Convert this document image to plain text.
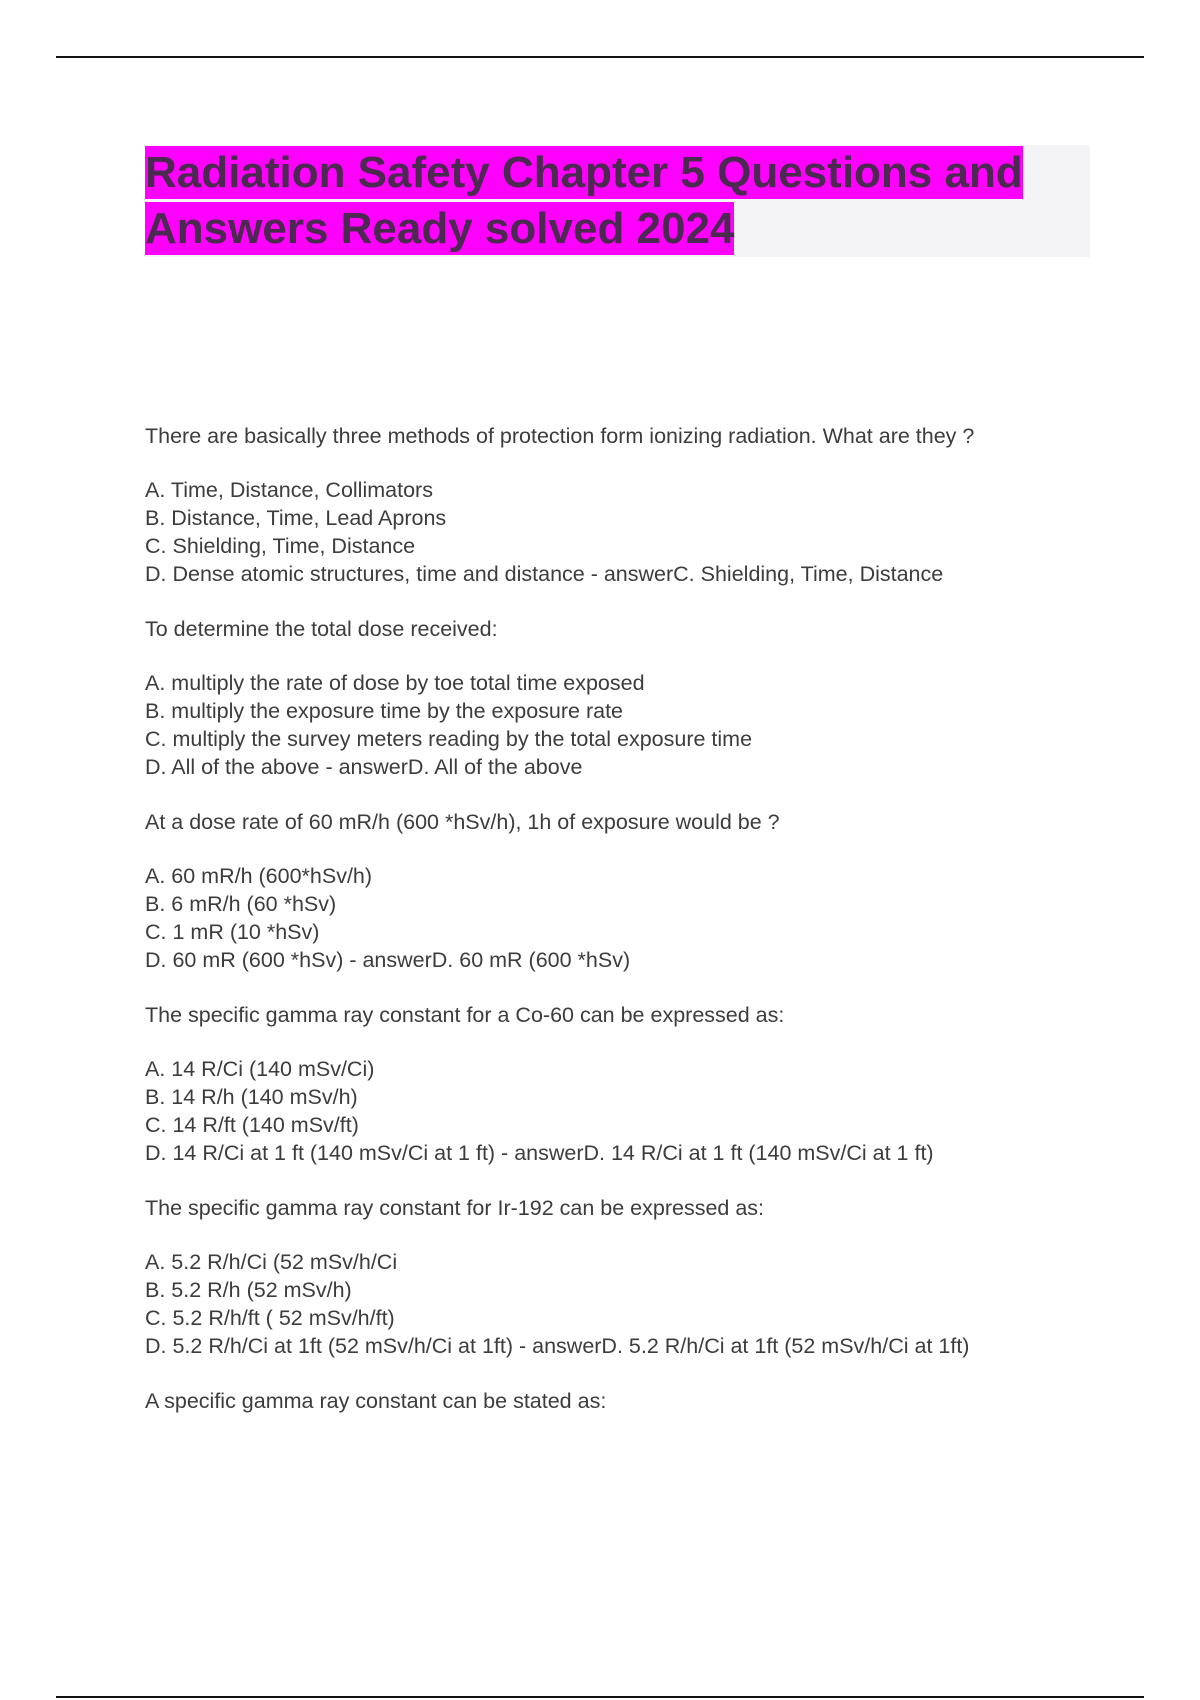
Radiation Safety Chapter 5 Questions and Answers Ready solved 2024

There are basically three methods of protection form ionizing radiation. What are they ?

A. Time, Distance, Collimators
B. Distance, Time, Lead Aprons
C. Shielding, Time, Distance
D. Dense atomic structures, time and distance - answerC. Shielding, Time, Distance

To determine the total dose received:

A. multiply the rate of dose by toe total time exposed
B. multiply the exposure time by the exposure rate
C. multiply the survey meters reading by the total exposure time
D. All of the above - answerD. All of the above

At a dose rate of 60 mR/h (600 *hSv/h), 1h of exposure would be ?

A. 60 mR/h (600*hSv/h)
B. 6 mR/h (60 *hSv)
C. 1 mR (10 *hSv)
D. 60 mR (600 *hSv) - answerD. 60 mR (600 *hSv)

The specific gamma ray constant for a Co-60 can be expressed as:

A. 14 R/Ci (140 mSv/Ci)
B. 14 R/h (140 mSv/h)
C. 14 R/ft (140 mSv/ft)
D. 14 R/Ci at 1 ft (140 mSv/Ci at 1 ft) - answerD. 14 R/Ci at 1 ft (140 mSv/Ci at 1 ft)

The specific gamma ray constant for Ir-192 can be expressed as:

A. 5.2 R/h/Ci (52 mSv/h/Ci
B. 5.2 R/h (52 mSv/h)
C. 5.2 R/h/ft ( 52 mSv/h/ft)
D. 5.2 R/h/Ci at 1ft (52 mSv/h/Ci at 1ft) - answerD. 5.2 R/h/Ci at 1ft (52 mSv/h/Ci at 1ft)

A specific gamma ray constant can be stated as:
